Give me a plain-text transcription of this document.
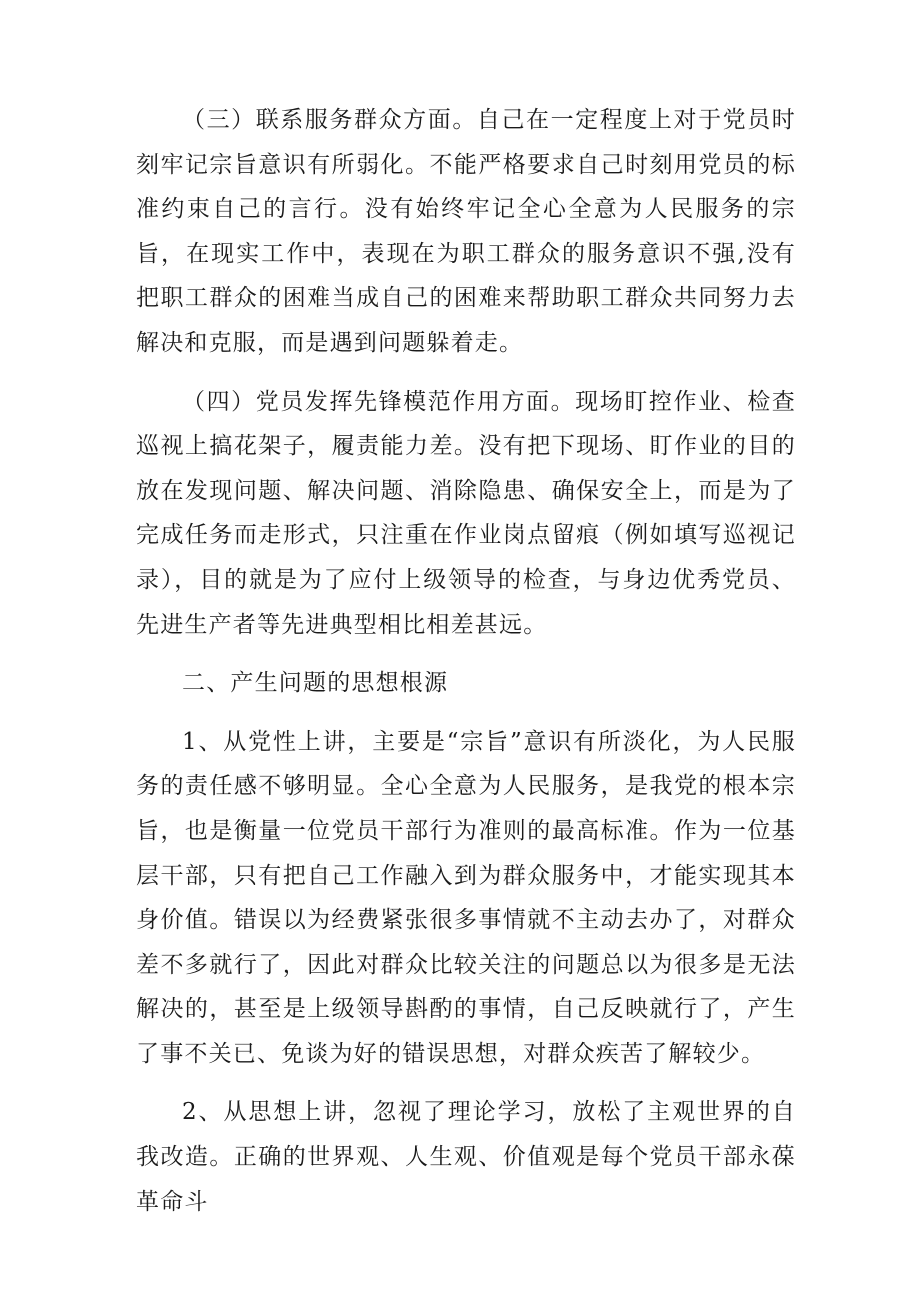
（三）联系服务群众方面。自己在一定程度上对于党员时刻牢记宗旨意识有所弱化。不能严格要求自己时刻用党员的标准约束自己的言行。没有始终牢记全心全意为人民服务的宗旨，在现实工作中，表现在为职工群众的服务意识不强,没有把职工群众的困难当成自己的困难来帮助职工群众共同努力去解决和克服，而是遇到问题躲着走。

（四）党员发挥先锋模范作用方面。现场盯控作业、检查巡视上搞花架子，履责能力差。没有把下现场、盯作业的目的放在发现问题、解决问题、消除隐患、确保安全上，而是为了完成任务而走形式，只注重在作业岗点留痕（例如填写巡视记录），目的就是为了应付上级领导的检查，与身边优秀党员、先进生产者等先进典型相比相差甚远。

二、产生问题的思想根源

1、从党性上讲，主要是“宗旨”意识有所淡化，为人民服务的责任感不够明显。全心全意为人民服务，是我党的根本宗旨，也是衡量一位党员干部行为准则的最高标准。作为一位基层干部，只有把自己工作融入到为群众服务中，才能实现其本身价值。错误以为经费紧张很多事情就不主动去办了，对群众差不多就行了，因此对群众比较关注的问题总以为很多是无法解决的，甚至是上级领导斟酌的事情，自己反映就行了，产生了事不关已、免谈为好的错误思想，对群众疾苦了解较少。

2、从思想上讲，忽视了理论学习，放松了主观世界的自我改造。正确的世界观、人生观、价值观是每个党员干部永葆革命斗
